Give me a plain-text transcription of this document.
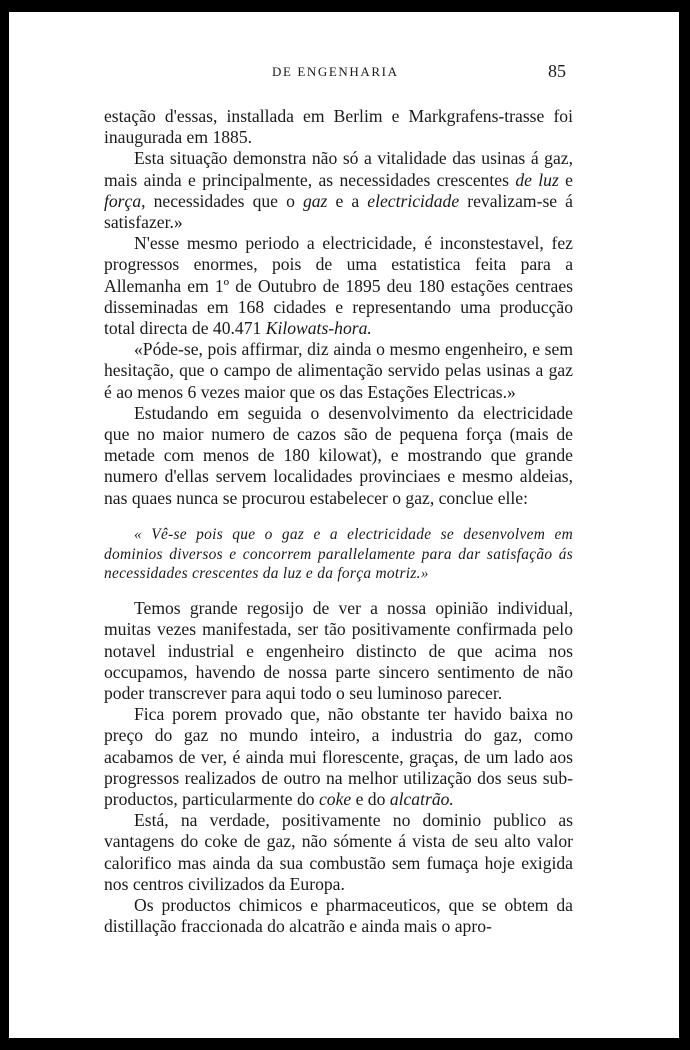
DE ENGENHARIA	85

estação d'essas, installada em Berlim e Markgrafens-trasse foi inaugurada em 1885.

Esta situação demonstra não só a vitalidade das usinas á gaz, mais ainda e principalmente, as necessidades crescentes de luz e força, necessidades que o gaz e a electricidade revalizam-se á satisfazer.»

N'esse mesmo periodo a electricidade, é inconstestavel, fez progressos enormes, pois de uma estatistica feita para a Allemanha em 1º de Outubro de 1895 deu 180 estações centraes disseminadas em 168 cidades e representando uma producção total directa de 40.471 Kilowats-hora.

«Póde-se, pois affirmar, diz ainda o mesmo engenheiro, e sem hesitação, que o campo de alimentação servido pelas usinas a gaz é ao menos 6 vezes maior que os das Estações Electricas.»

Estudando em seguida o desenvolvimento da electricidade que no maior numero de cazos são de pequena força (mais de metade com menos de 180 kilowat), e mostrando que grande numero d'ellas servem localidades provinciaes e mesmo aldeias, nas quaes nunca se procurou estabelecer o gaz, conclue elle:

« Vê-se pois que o gaz e a electricidade se desenvolvem em dominios diversos e concorrem parallelamente para dar satisfação ás necessidades crescentes da luz e da força motriz.»

Temos grande regosijo de ver a nossa opinião individual, muitas vezes manifestada, ser tão positivamente confirmada pelo notavel industrial e engenheiro distincto de que acima nos occupamos, havendo de nossa parte sincero sentimento de não poder transcrever para aqui todo o seu luminoso parecer.

Fica porem provado que, não obstante ter havido baixa no preço do gaz no mundo inteiro, a industria do gaz, como acabamos de ver, é ainda mui florescente, graças, de um lado aos progressos realizados de outro na melhor utilização dos seus sub-productos, particularmente do coke e do alcatrão.

Está, na verdade, positivamente no dominio publico as vantagens do coke de gaz, não sómente á vista de seu alto valor calorifico mas ainda da sua combustão sem fumaça hoje exigida nos centros civilizados da Europa.

Os productos chimicos e pharmaceuticos, que se obtem da distillação fraccionada do alcatrão e ainda mais o apro-
